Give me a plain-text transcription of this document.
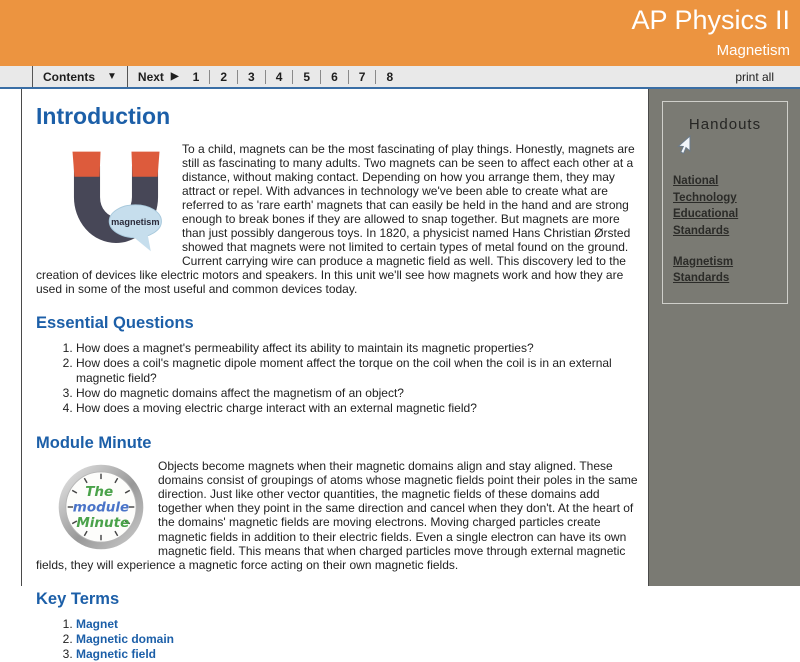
AP Physics II
Magnetism
Contents ▼ Next ▶	1	2	3	4	5	6	7	8	print all
Introduction
magnetism

To a child, magnets can be the most fascinating of play things. Honestly, magnets are still as fascinating to many adults. Two magnets can be seen to affect each other at a distance, without making contact. Depending on how you arrange them, they may attract or repel. With advances in technology we've been able to create what are referred to as 'rare earth' magnets that can easily be held in the hand and are strong enough to break bones if they are allowed to snap together. But magnets are more than just possibly dangerous toys. In 1820, a physicist named Hans Christian Ørsted showed that magnets were not limited to certain types of metal found on the ground. Current carrying wire can produce a magnetic field as well. This discovery led to the creation of devices like electric motors and speakers. In this unit we'll see how magnets work and how they are used in some of the most useful and common devices today.

Essential Questions
1. How does a magnet's permeability affect its ability to maintain its magnetic properties?
2. How does a coil's magnetic dipole moment affect the torque on the coil when the coil is in an external magnetic field?
3. How do magnetic domains affect the magnetism of an object?
4. How does a moving electric charge interact with an external magnetic field?
Module Minute
The
module
Minute

Objects become magnets when their magnetic domains align and stay aligned. These domains consist of groupings of atoms whose magnetic fields point their poles in the same direction. Just like other vector quantities, the magnetic fields of these domains add together when they point in the same direction and cancel when they don't. At the heart of the domains' magnetic fields are moving electrons. Moving charged particles create magnetic fields in addition to their electric fields. Even a single electron can have its own magnetic field. This means that when charged particles move through external magnetic fields, they will experience a magnetic force acting on their own magnetic fields.

Key Terms
1. Magnet
2. Magnetic domain
3. Magnetic field
Handouts
National Technology Educational Standards
Magnetism Standards
